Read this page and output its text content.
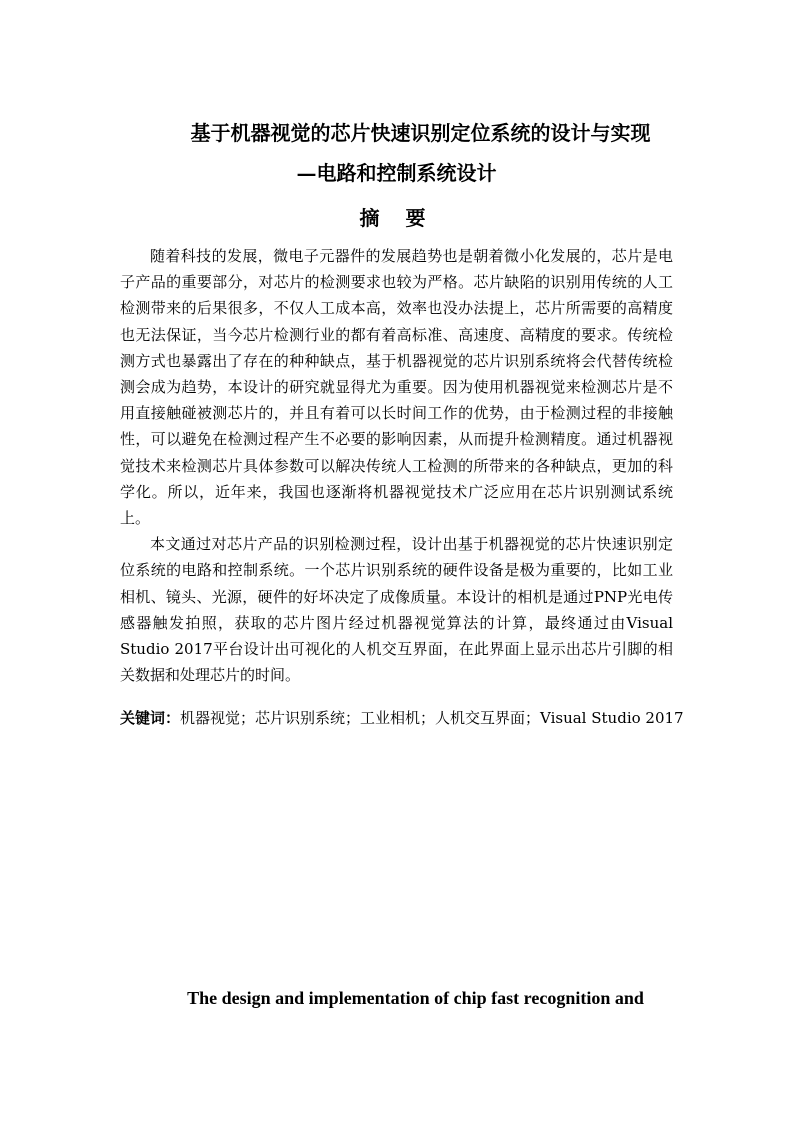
基于机器视觉的芯片快速识别定位系统的设计与实现
—电路和控制系统设计
摘要

随着科技的发展，微电子元器件的发展趋势也是朝着微小化发展的，芯片是电子产品的重要部分，对芯片的检测要求也较为严格。芯片缺陷的识别用传统的人工检测带来的后果很多，不仅人工成本高，效率也没办法提上，芯片所需要的高精度也无法保证，当今芯片检测行业的都有着高标准、高速度、高精度的要求。传统检测方式也暴露出了存在的种种缺点，基于机器视觉的芯片识别系统将会代替传统检测会成为趋势，本设计的研究就显得尤为重要。因为使用机器视觉来检测芯片是不用直接触碰被测芯片的，并且有着可以长时间工作的优势，由于检测过程的非接触性，可以避免在检测过程产生不必要的影响因素，从而提升检测精度。通过机器视觉技术来检测芯片具体参数可以解决传统人工检测的所带来的各种缺点，更加的科学化。所以，近年来，我国也逐渐将机器视觉技术广泛应用在芯片识别测试系统上。

本文通过对芯片产品的识别检测过程，设计出基于机器视觉的芯片快速识别定位系统的电路和控制系统。一个芯片识别系统的硬件设备是极为重要的，比如工业相机、镜头、光源，硬件的好坏决定了成像质量。本设计的相机是通过PNP光电传感器触发拍照，获取的芯片图片经过机器视觉算法的计算，最终通过由Visual Studio 2017平台设计出可视化的人机交互界面，在此界面上显示出芯片引脚的相关数据和处理芯片的时间。

关键词：机器视觉；芯片识别系统；工业相机；人机交互界面；Visual Studio 2017
The design and implementation of chip fast recognition and
